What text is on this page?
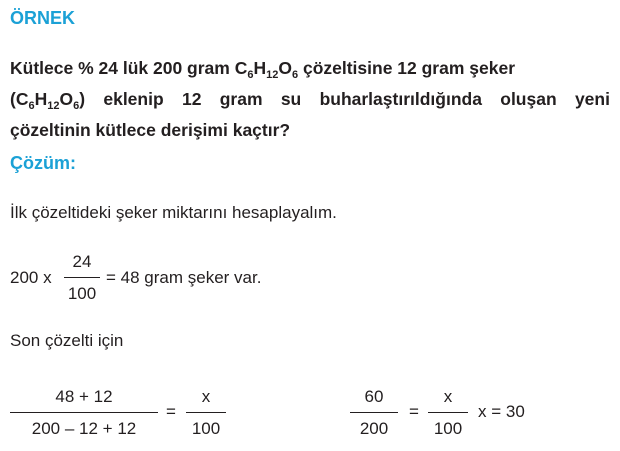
ÖRNEK
Kütlece % 24 lük 200 gram $C_6H_{12}O_6$ çözeltisine 12 gram şeker
$(C_6H_{12}O_6)$ eklenip 12 gram su buharlaştırıldığında oluşan yeni
çözeltinin kütlece derişimi kaçtır?
Çözüm:
İlk çözeltideki şeker miktarını hesaplayalım.
200 x
24
100
= 48 gram şeker var.
Son çözelti için
48 + 12
200 – 12 + 12
=
x
100
60
200
=
x
100
x = 30
